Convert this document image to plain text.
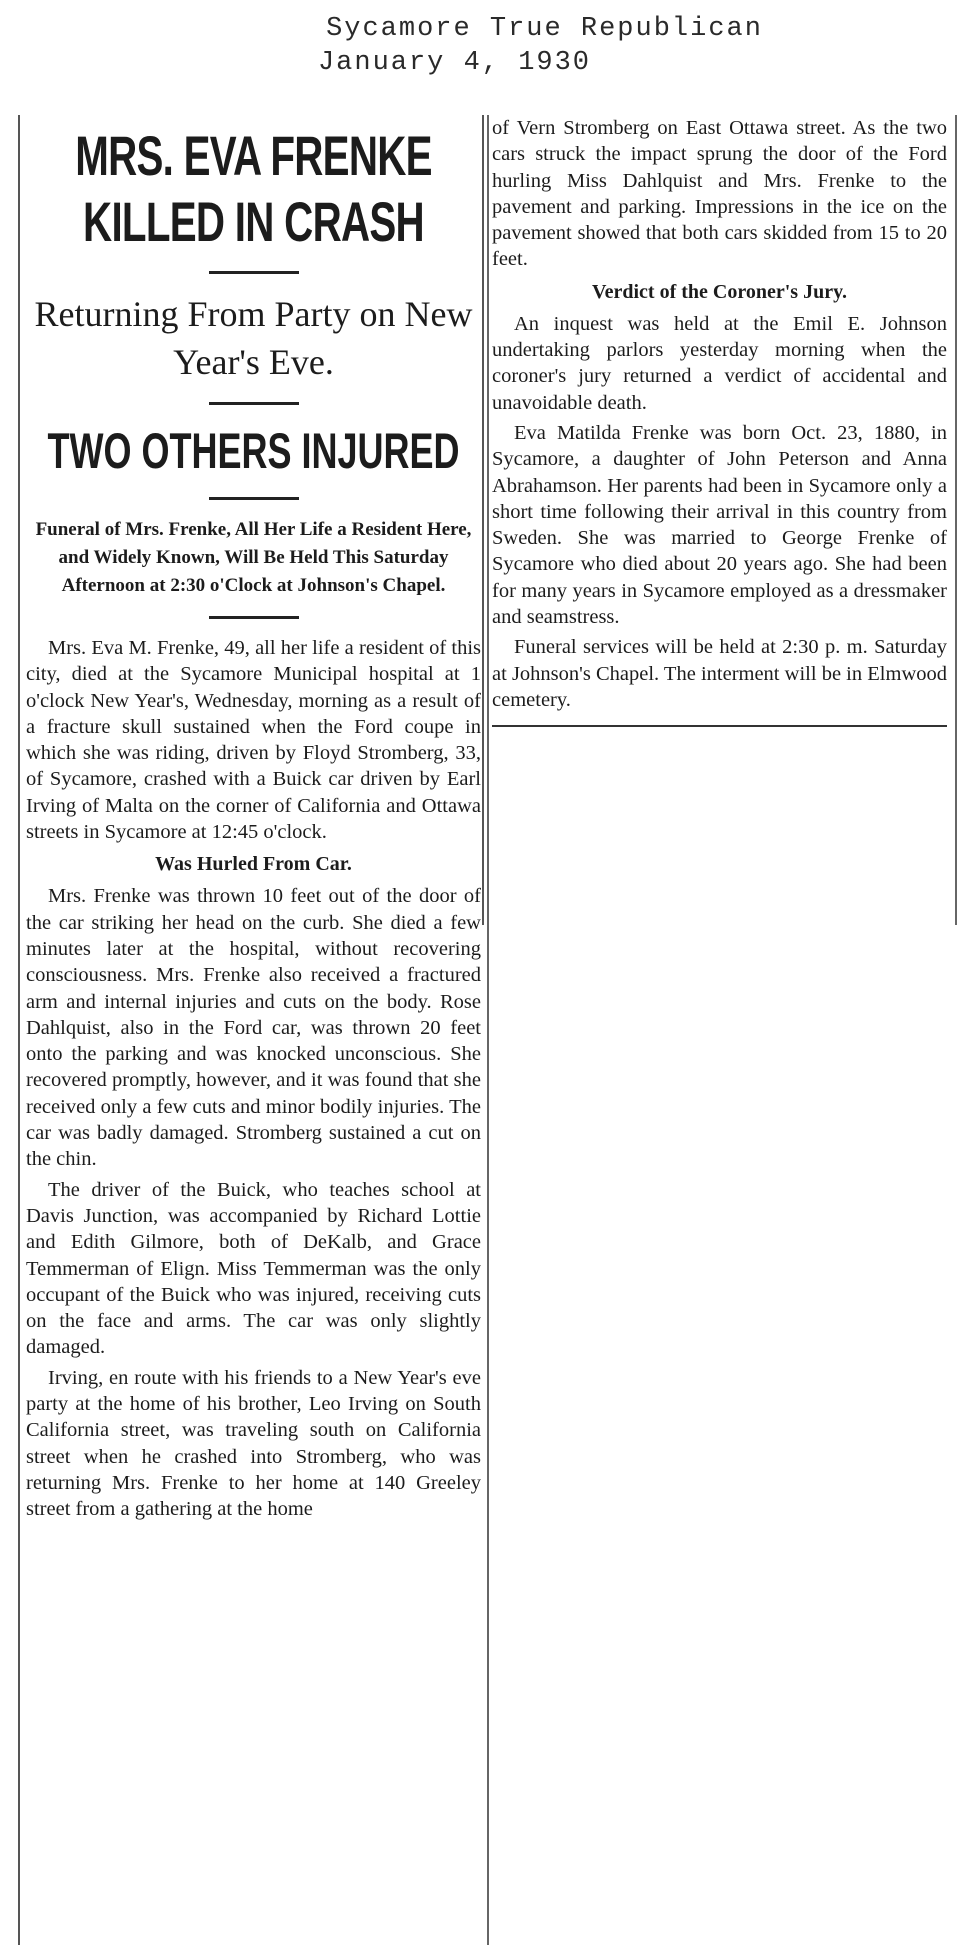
Sycamore True Republican
January 4, 1930
MRS. EVA FRENKE KILLED IN CRASH
Returning From Party on New Year's Eve.
TWO OTHERS INJURED
Funeral of Mrs. Frenke, All Her Life a Resident Here, and Widely Known, Will Be Held This Saturday Afternoon at 2:30 o'Clock at Johnson's Chapel.

Mrs. Eva M. Frenke, 49, all her life a resident of this city, died at the Sycamore Municipal hospital at 1 o'clock New Year's, Wednesday, morning as a result of a fracture skull sustained when the Ford coupe in which she was riding, driven by Floyd Stromberg, 33, of Sycamore, crashed with a Buick car driven by Earl Irving of Malta on the corner of California and Ottawa streets in Sycamore at 12:45 o'clock.

Was Hurled From Car.

Mrs. Frenke was thrown 10 feet out of the door of the car striking her head on the curb. She died a few minutes later at the hospital, without recovering consciousness. Mrs. Frenke also received a fractured arm and internal injuries and cuts on the body. Rose Dahlquist, also in the Ford car, was thrown 20 feet onto the parking and was knocked unconscious. She recovered promptly, however, and it was found that she received only a few cuts and minor bodily injuries. The car was badly damaged. Stromberg sustained a cut on the chin.

The driver of the Buick, who teaches school at Davis Junction, was accompanied by Richard Lottie and Edith Gilmore, both of DeKalb, and Grace Temmerman of Elign. Miss Temmerman was the only occupant of the Buick who was injured, receiving cuts on the face and arms. The car was only slightly damaged.

Irving, en route with his friends to a New Year's eve party at the home of his brother, Leo Irving on South California street, was traveling south on California street when he crashed into Stromberg, who was returning Mrs. Frenke to her home at 140 Greeley street from a gathering at the home

of Vern Stromberg on East Ottawa street. As the two cars struck the impact sprung the door of the Ford hurling Miss Dahlquist and Mrs. Frenke to the pavement and parking. Impressions in the ice on the pavement showed that both cars skidded from 15 to 20 feet.

Verdict of the Coroner's Jury.

An inquest was held at the Emil E. Johnson undertaking parlors yesterday morning when the coroner's jury returned a verdict of accidental and unavoidable death.

Eva Matilda Frenke was born Oct. 23, 1880, in Sycamore, a daughter of John Peterson and Anna Abrahamson. Her parents had been in Sycamore only a short time following their arrival in this country from Sweden. She was married to George Frenke of Sycamore who died about 20 years ago. She had been for many years in Sycamore employed as a dressmaker and seamstress.

Funeral services will be held at 2:30 p. m. Saturday at Johnson's Chapel. The interment will be in Elmwood cemetery.
